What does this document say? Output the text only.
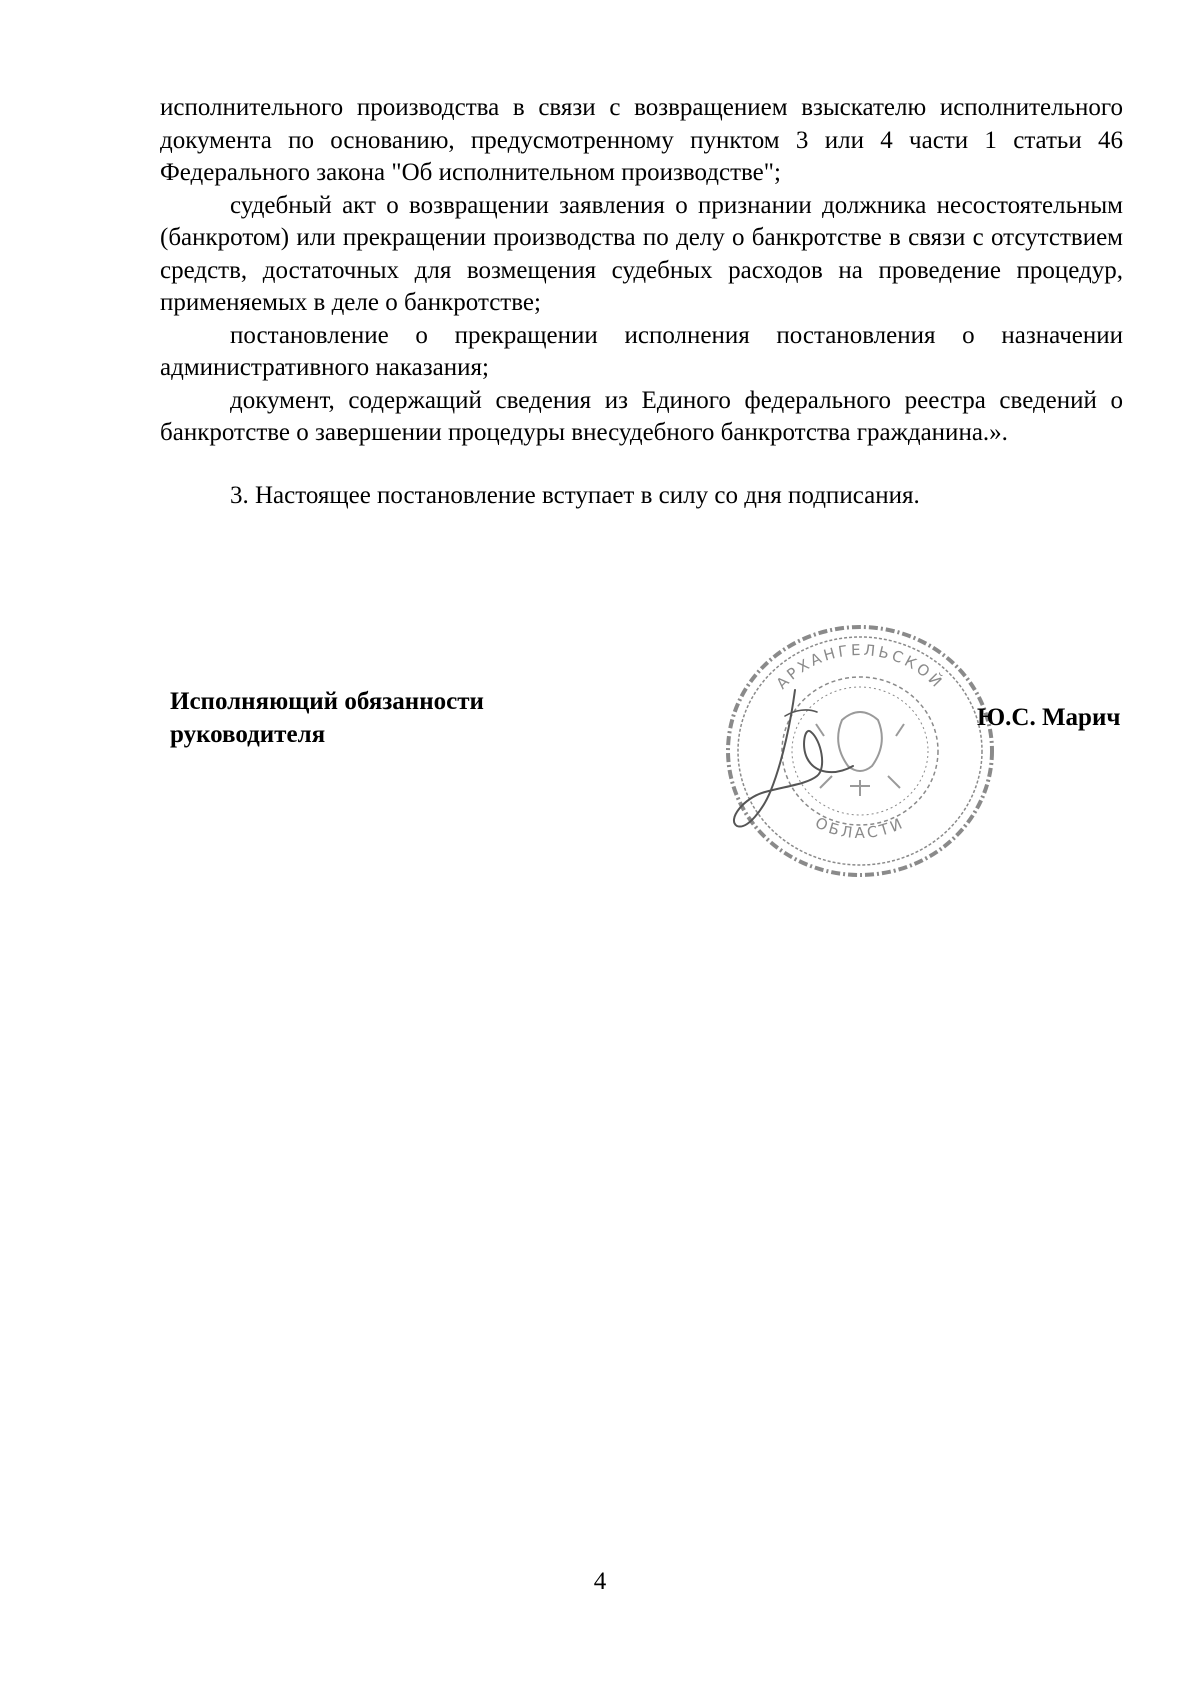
исполнительного производства в связи с возвращением взыскателю исполнительного документа по основанию, предусмотренному пунктом 3 или 4 части 1 статьи 46 Федерального закона "Об исполнительном производстве";

судебный акт о возвращении заявления о признании должника несостоятельным (банкротом) или прекращении производства по делу о банкротстве в связи с отсутствием средств, достаточных для возмещения судебных расходов на проведение процедур, применяемых в деле о банкротстве;

постановление о прекращении исполнения постановления о назначении административного наказания;

документ, содержащий сведения из Единого федерального реестра сведений о банкротстве о завершении процедуры внесудебного банкротства гражданина.».

3. Настоящее постановление вступает в силу со дня подписания.

Исполняющий обязанности
руководителя
АРХАНГЕЛЬСКОЙ
ОБЛАСТИ
Ю.С. Марич
4
